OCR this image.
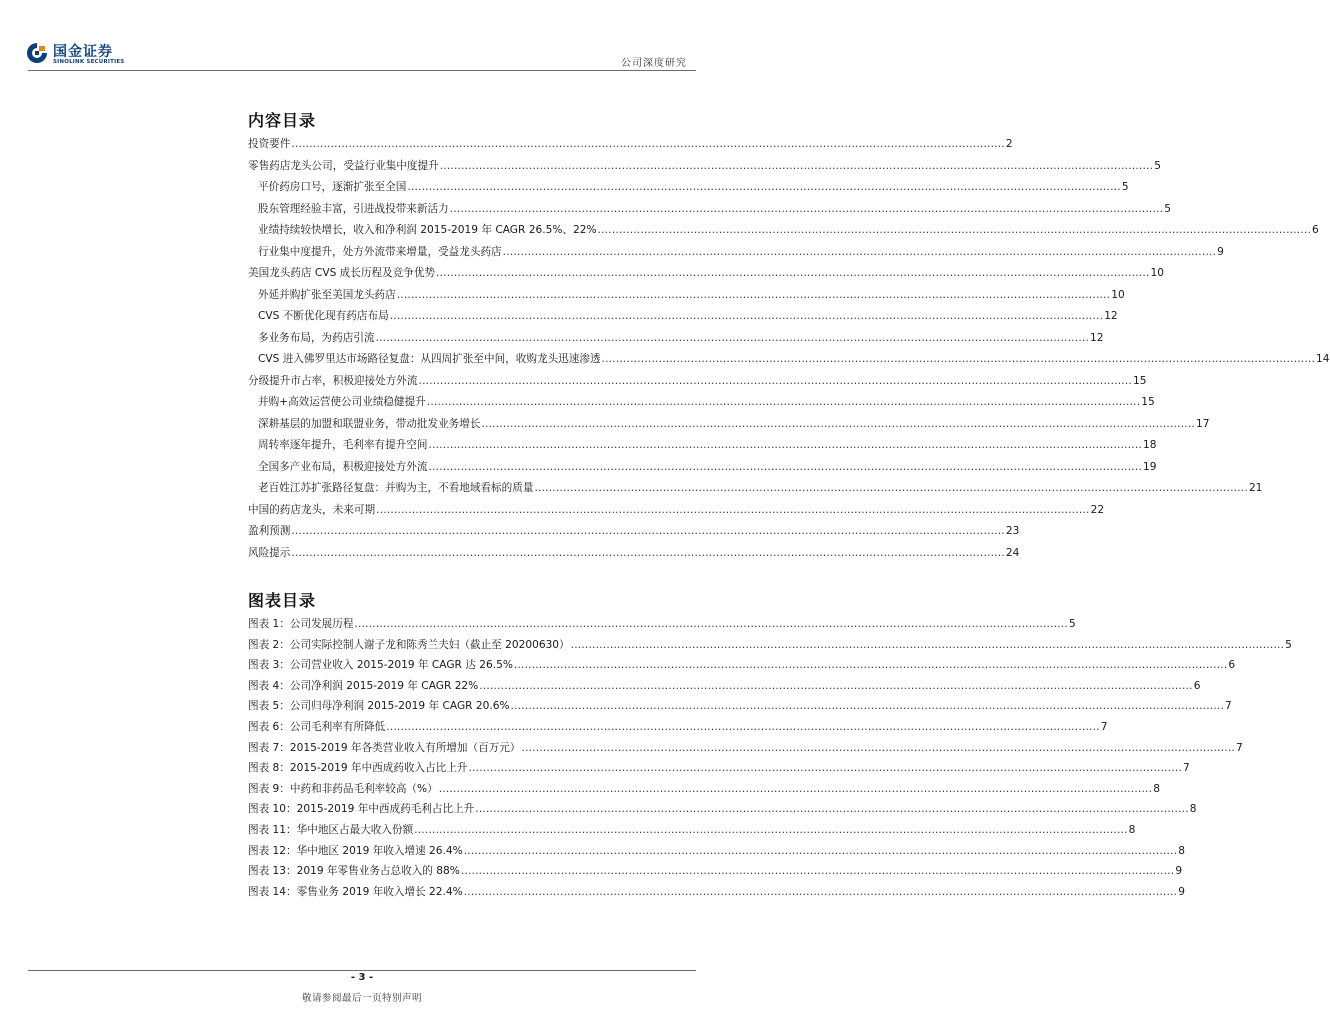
国金证券
SINOLINK SECURITIES	公司深度研究
内容目录
投资要件 .....	2
零售药店龙头公司，受益行业集中度提升 .....	5
平价药房口号，逐渐扩张至全国 .....	5
股东管理经验丰富，引进战投带来新活力 .....	5
业绩持续较快增长，收入和净利润 2015-2019 年 CAGR 26.5%、22% .....	6
行业集中度提升，处方外流带来增量，受益龙头药店 .....	9
美国龙头药店 CVS 成长历程及竞争优势 .....	10
外延并购扩张至美国龙头药店 .....	10
CVS 不断优化现有药店布局 .....	12
多业务布局，为药店引流 .....	12
CVS 进入佛罗里达市场路径复盘：从四周扩张至中间，收购龙头迅速渗透 .....	14
分级提升市占率，积极迎接处方外流 .....	15
并购+高效运营使公司业绩稳健提升 .....	15
深耕基层的加盟和联盟业务，带动批发业务增长 .....	17
周转率逐年提升，毛利率有提升空间 .....	18
全国多产业布局，积极迎接处方外流 .....	19
老百姓江苏扩张路径复盘：并购为主，不看地域看标的质量 .....	21
中国的药店龙头，未来可期 .....	22
盈利预测 .....	23
风险提示 .....	24
图表目录
图表 1：公司发展历程 .....	5
图表 2：公司实际控制人谢子龙和陈秀兰夫妇（截止至 20200630） .....	5
图表 3：公司营业收入 2015-2019 年 CAGR 达 26.5% .....	6
图表 4：公司净利润 2015-2019 年 CAGR 22% .....	6
图表 5：公司归母净利润 2015-2019 年 CAGR 20.6% .....	7
图表 6：公司毛利率有所降低 .....	7
图表 7：2015-2019 年各类营业收入有所增加（百万元） .....	7
图表 8：2015-2019 年中西成药收入占比上升 .....	7
图表 9：中药和非药品毛利率较高（%） .....	8
图表 10：2015-2019 年中西成药毛利占比上升 .....	8
图表 11：华中地区占最大收入份额 .....	8
图表 12：华中地区 2019 年收入增速 26.4% .....	8
图表 13：2019 年零售业务占总收入的 88% .....	9
图表 14：零售业务 2019 年收入增长 22.4% .....	9
- 3 -
敬请参阅最后一页特别声明
